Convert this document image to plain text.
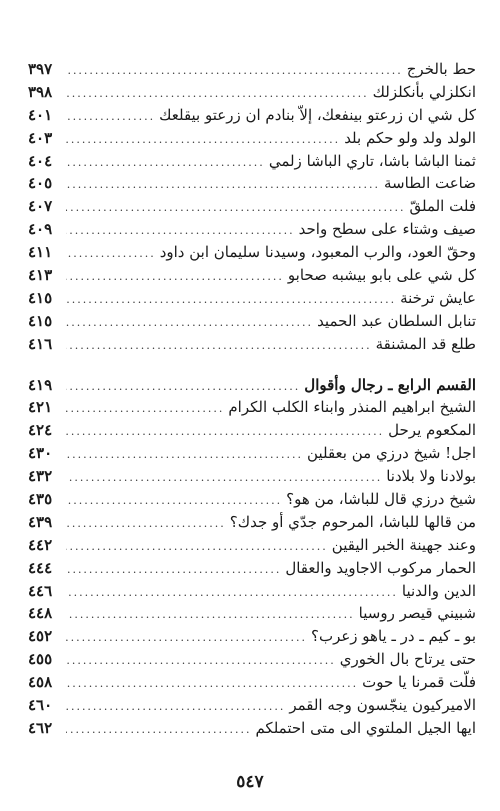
حط بالخرج
.....
٣٩٧
انكلزلي بأنكلزلك
.....
٣٩٨
كل شي ان زرعتو بينفعك، إلاّ بنادم ان زرعتو بيقلعك
.....
٤٠١
الولد ولد ولو حكم بلد
.....
٤٠٣
ثمنا الباشا باشا، تاري الباشا زلمي
.....
٤٠٤
ضاعت الطاسة
.....
٤٠٥
فلت الملقّ
.....
٤٠٧
صيف وشتاء على سطح واحد
.....
٤٠٩
وحقّ العود، والرب المعبود، وسيدنا سليمان ابن داود
.....
٤١١
كل شي على بابو بيشبه صحابو
.....
٤١٣
عايش ترخنة
.....
٤١٥
تنابل السلطان عبد الحميد
.....
٤١٥
طلع قد المشنقة
.....
٤١٦
القسم الرابع ـ رجال وأقوال
.....
٤١٩
الشيخ ابراهيم المنذر وابناء الكلب الكرام
.....
٤٢١
المكعوم يرحل
.....
٤٢٤
اجل! شيخ درزي من بعقلين
.....
٤٣٠
بولادنا ولا بلادنا
.....
٤٣٢
شيخ درزي قال للباشا، من هو؟
.....
٤٣٥
من قالها للباشا، المرحوم جدّي أو جدك؟
.....
٤٣٩
وعند جهينة الخبر اليقين
.....
٤٤٢
الحمار مركوب الاجاويد والعقال
.....
٤٤٤
الدين والدنيا
.....
٤٤٦
شبيني قيصر روسيا
.....
٤٤٨
بو ـ كيم ـ در ـ ياهو زعرب؟
.....
٤٥٢
حتى يرتاح بال الخوري
.....
٤٥٥
فلّت قمرنا يا حوت
.....
٤٥٨
الاميركيون ينجّسون وجه القمر
.....
٤٦٠
ايها الجيل الملتوي الى متى احتملكم
.....
٤٦٢
٥٤٧
